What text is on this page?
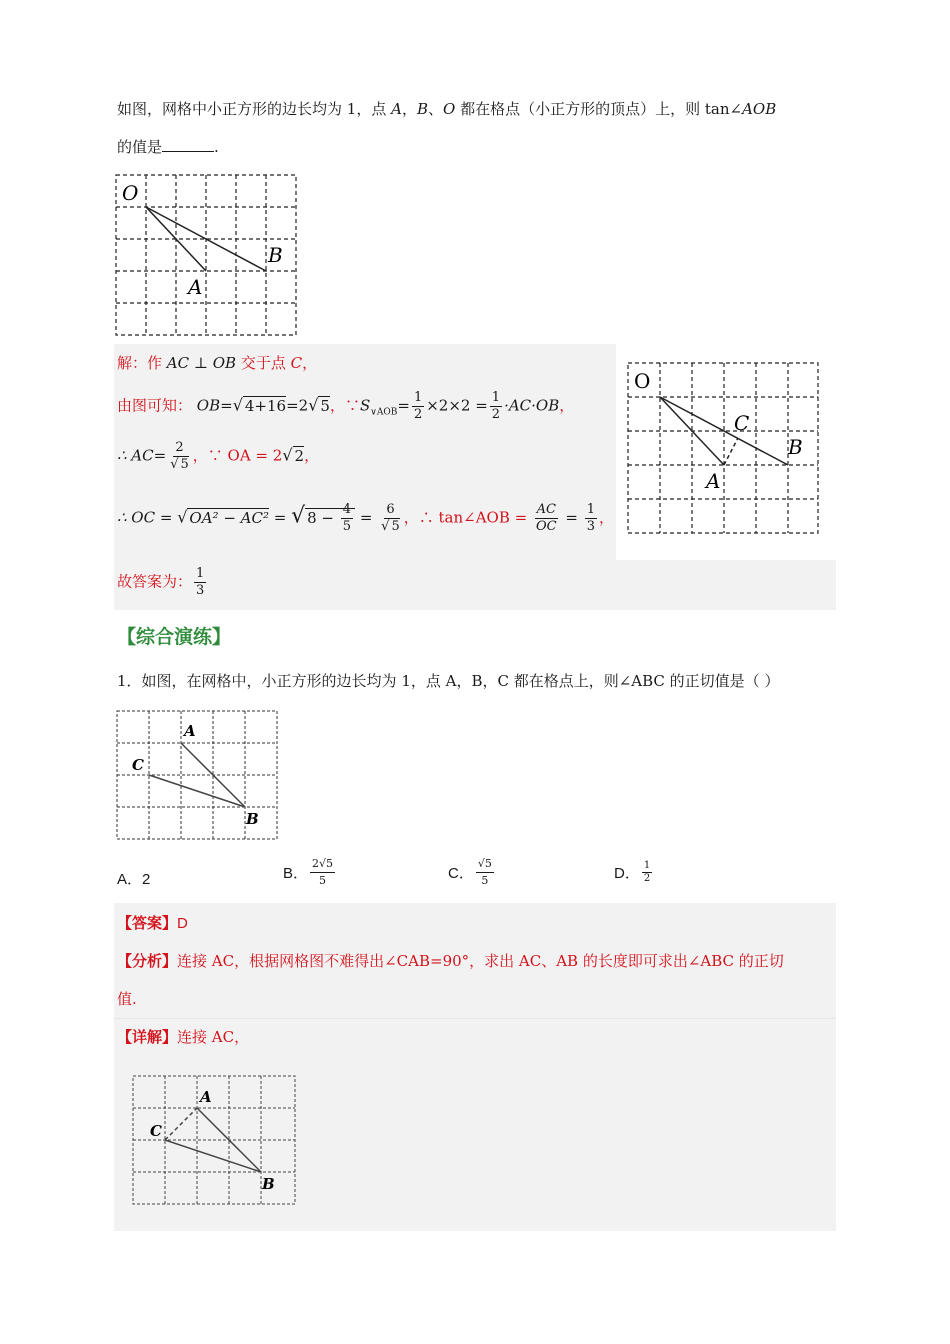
如图，网格中小正方形的边长均为 1，点 A，B、O 都在格点（小正方形的顶点）上，则 tan∠AOB
的值是	.
O
A
B
解：作 AC ⊥ OB 交于点 C，
由图可知： OB=√ 4+16=2√ 5，$\because S_{\vee AOB}= \frac{1}{2} \times 2\times 2 = \frac{1}{2} \cdot AC\cdot OB$，
∴ $AC= \frac{2}{√ 5}$ ，∵ OA = 2√ 2，
∴ OC = √ OA² − AC² = √ $8 - \frac{4}{5} = \frac{6}{√ 5}$ ，∴ tan∠AOB = $\frac{AC}{OC} = \frac{1}{3}$ ，
故答案为： $\frac{1}{3}$
O
A
B
C
【综合演练】
1．如图，在网格中，小正方形的边长均为 1，点 A，B，C 都在格点上，则∠ABC 的正切值是（ ）
A
B
C
A．2	B． $\frac{2√5}{5}$	C． $\frac{√5}{5}$	D． $\frac{1}{2}$
【答案】D
【分析】连接 AC，根据网格图不难得出∠CAB=90°，求出 AC、AB 的长度即可求出∠ABC 的正切
值.
【详解】连接 AC，
A
B
C
